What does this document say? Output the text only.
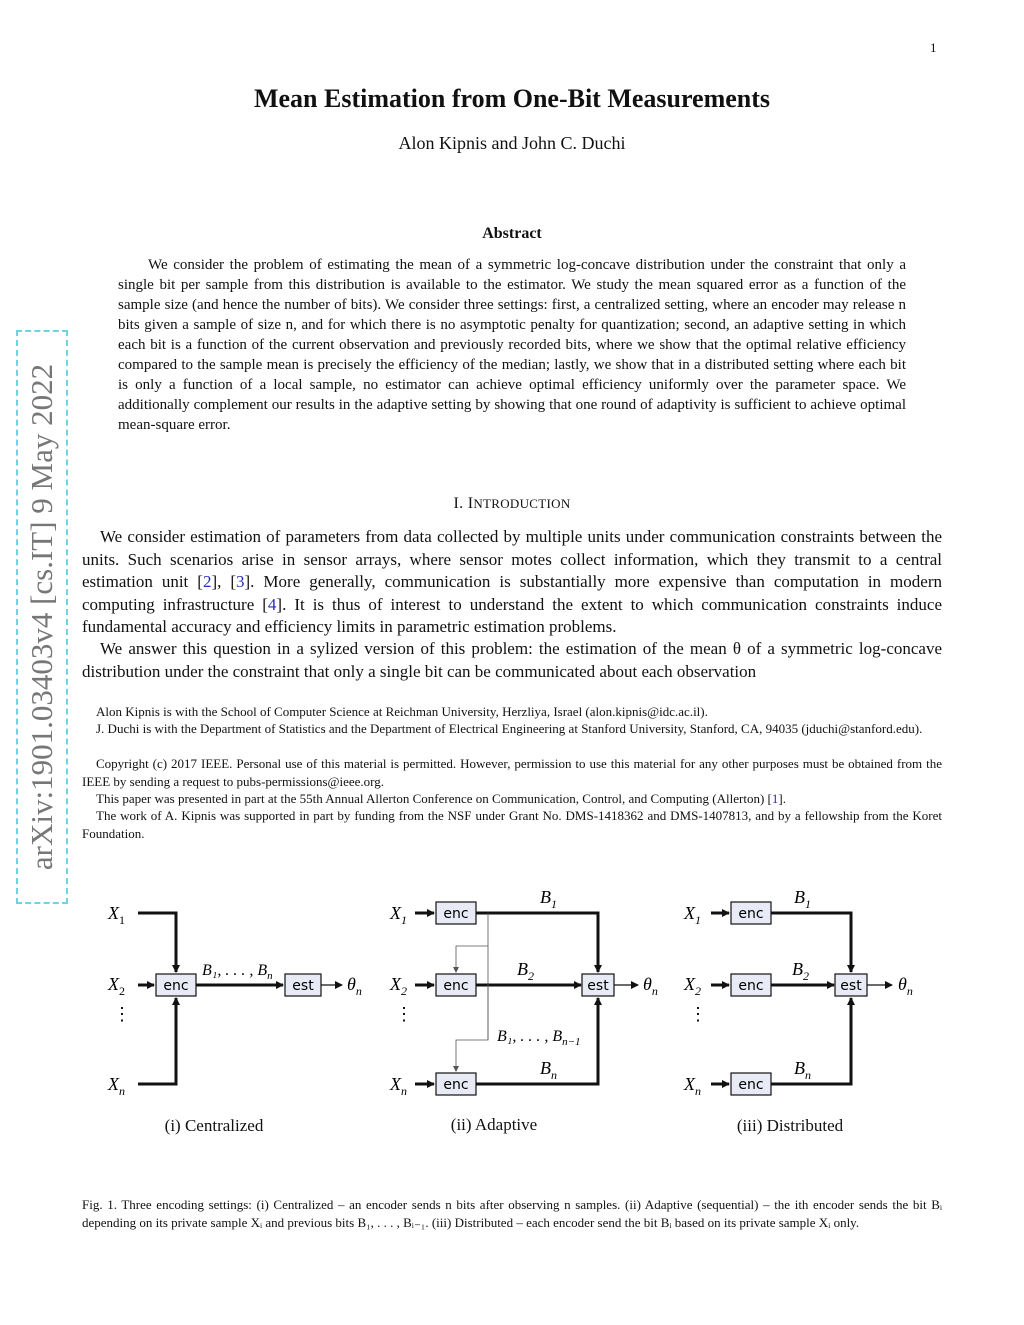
1
Mean Estimation from One-Bit Measurements
Alon Kipnis and John C. Duchi
arXiv:1901.03403v4 [cs.IT] 9 May 2022
Abstract
We consider the problem of estimating the mean of a symmetric log-concave distribution under the constraint that only a single bit per sample from this distribution is available to the estimator. We study the mean squared error as a function of the sample size (and hence the number of bits). We consider three settings: first, a centralized setting, where an encoder may release n bits given a sample of size n, and for which there is no asymptotic penalty for quantization; second, an adaptive setting in which each bit is a function of the current observation and previously recorded bits, where we show that the optimal relative efficiency compared to the sample mean is precisely the efficiency of the median; lastly, we show that in a distributed setting where each bit is only a function of a local sample, no estimator can achieve optimal efficiency uniformly over the parameter space. We additionally complement our results in the adaptive setting by showing that one round of adaptivity is sufficient to achieve optimal mean-square error.
I. INTRODUCTION
We consider estimation of parameters from data collected by multiple units under communication constraints between the units. Such scenarios arise in sensor arrays, where sensor motes collect information, which they transmit to a central estimation unit [2], [3]. More generally, communication is substantially more expensive than computation in modern computing infrastructure [4]. It is thus of interest to understand the extent to which communication constraints induce fundamental accuracy and efficiency limits in parametric estimation problems.
We answer this question in a sylized version of this problem: the estimation of the mean θ of a symmetric log-concave distribution under the constraint that only a single bit can be communicated about each observation
Alon Kipnis is with the School of Computer Science at Reichman University, Herzliya, Israel (alon.kipnis@idc.ac.il).
J. Duchi is with the Department of Statistics and the Department of Electrical Engineering at Stanford University, Stanford, CA, 94035 (jduchi@stanford.edu).
Copyright (c) 2017 IEEE. Personal use of this material is permitted. However, permission to use this material for any other purposes must be obtained from the IEEE by sending a request to pubs-permissions@ieee.org.
This paper was presented in part at the 55th Annual Allerton Conference on Communication, Control, and Computing (Allerton) [1].
The work of A. Kipnis was supported in part by funding from the NSF under Grant No. DMS-1418362 and DMS-1407813, and by a fellowship from the Koret Foundation.
$X_1$
$X_2$
⋮
$X_n$
enc
B₁, . . . , $B_n$
est $\theta_n$
$X_1$
$X_2$
⋮
$X_n$
enc
enc
enc
$B_1$
$B_2$
B₁, . . . , $B_{n-1}$
$B_n$
est $\theta_n$
$X_1$
$X_2$
⋮
$X_n$
enc
enc
enc
$B_1$
$B_2$
$B_n$
est $\theta_n$
(i) Centralized	(ii) Adaptive	(iii) Distributed
Fig. 1. Three encoding settings: (i) Centralized – an encoder sends n bits after observing n samples. (ii) Adaptive (sequential) – the ith encoder sends the bit Bᵢ depending on its private sample Xᵢ and previous bits B₁, . . . , Bᵢ₋₁. (iii) Distributed – each encoder send the bit Bᵢ based on its private sample Xᵢ only.
